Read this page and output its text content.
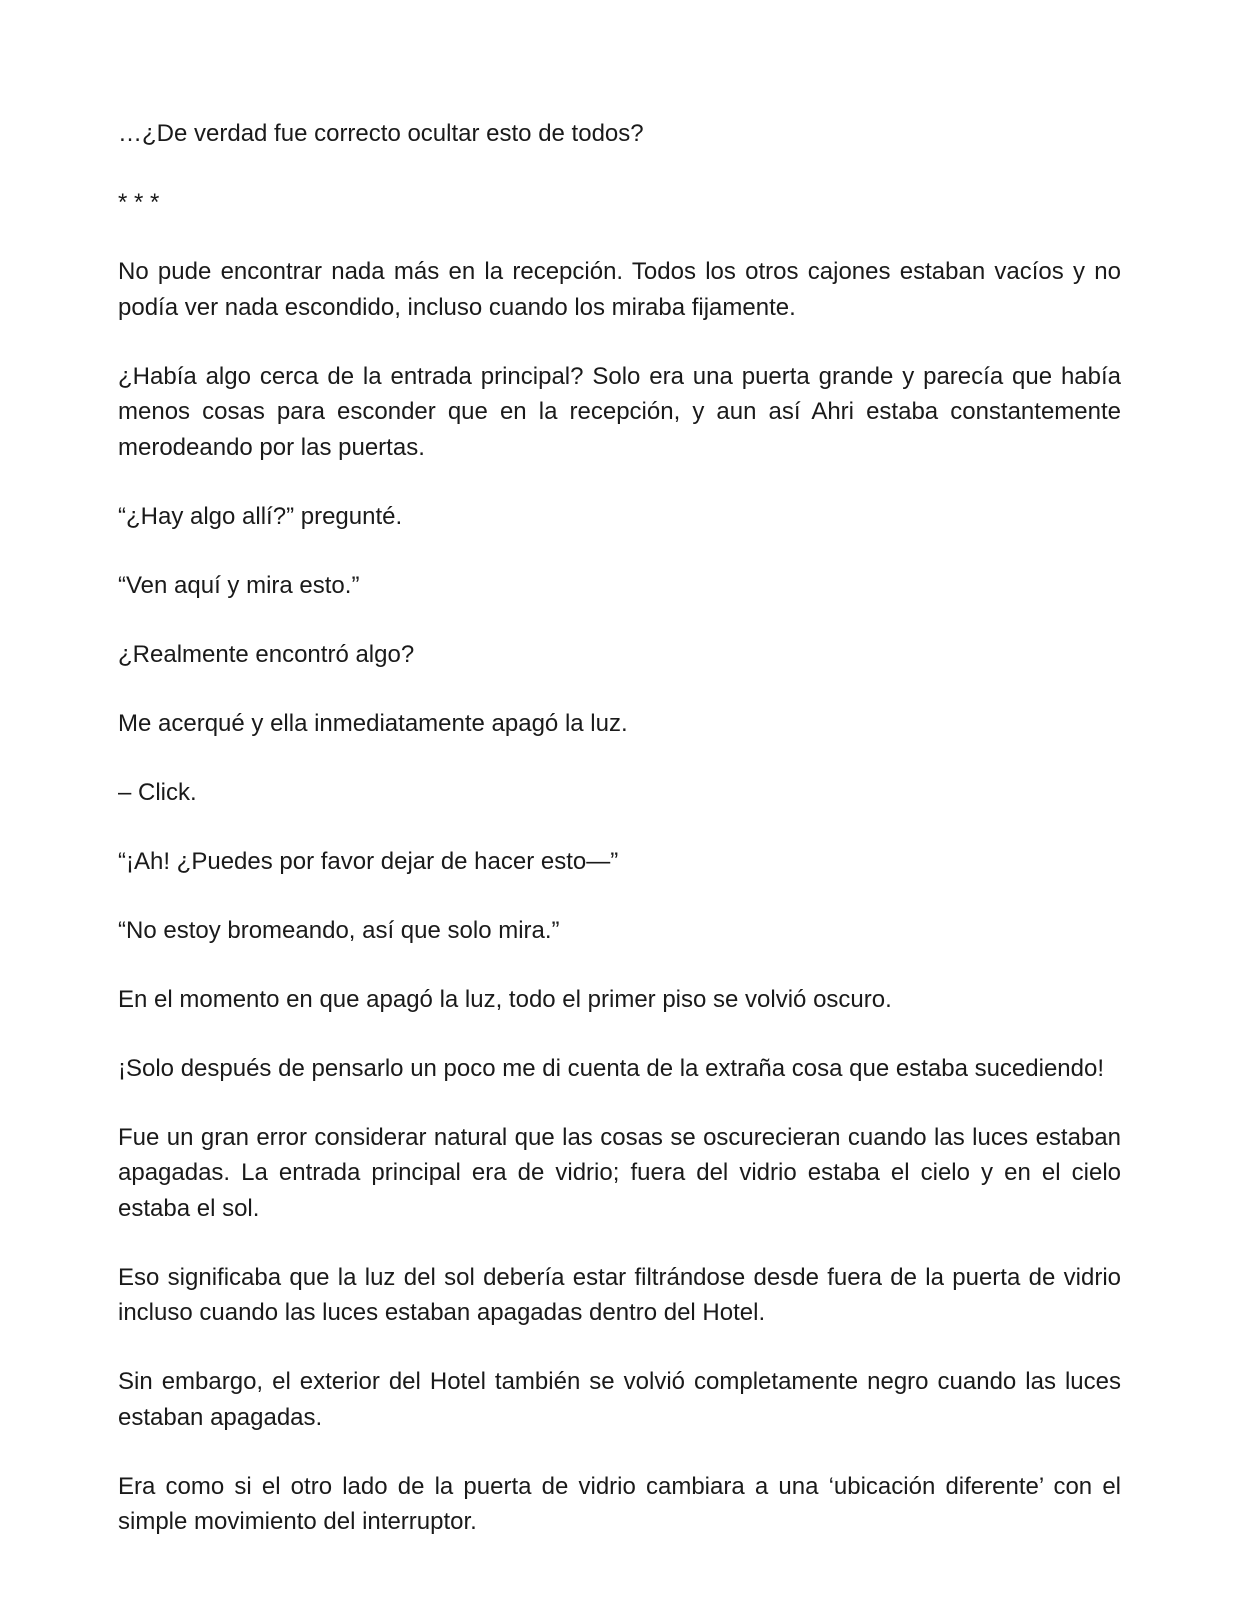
…¿De verdad fue correcto ocultar esto de todos?

* * *

No pude encontrar nada más en la recepción. Todos los otros cajones estaban vacíos y no podía ver nada escondido, incluso cuando los miraba fijamente.

¿Había algo cerca de la entrada principal? Solo era una puerta grande y parecía que había menos cosas para esconder que en la recepción, y aun así Ahri estaba constantemente merodeando por las puertas.

“¿Hay algo allí?” pregunté.

“Ven aquí y mira esto.”

¿Realmente encontró algo?

Me acerqué y ella inmediatamente apagó la luz.

– Click.

“¡Ah! ¿Puedes por favor dejar de hacer esto—”

“No estoy bromeando, así que solo mira.”

En el momento en que apagó la luz, todo el primer piso se volvió oscuro.

¡Solo después de pensarlo un poco me di cuenta de la extraña cosa que estaba sucediendo!

Fue un gran error considerar natural que las cosas se oscurecieran cuando las luces estaban apagadas. La entrada principal era de vidrio; fuera del vidrio estaba el cielo y en el cielo estaba el sol.

Eso significaba que la luz del sol debería estar filtrándose desde fuera de la puerta de vidrio incluso cuando las luces estaban apagadas dentro del Hotel.

Sin embargo, el exterior del Hotel también se volvió completamente negro cuando las luces estaban apagadas.

Era como si el otro lado de la puerta de vidrio cambiara a una ‘ubicación diferente’ con el simple movimiento del interruptor.
